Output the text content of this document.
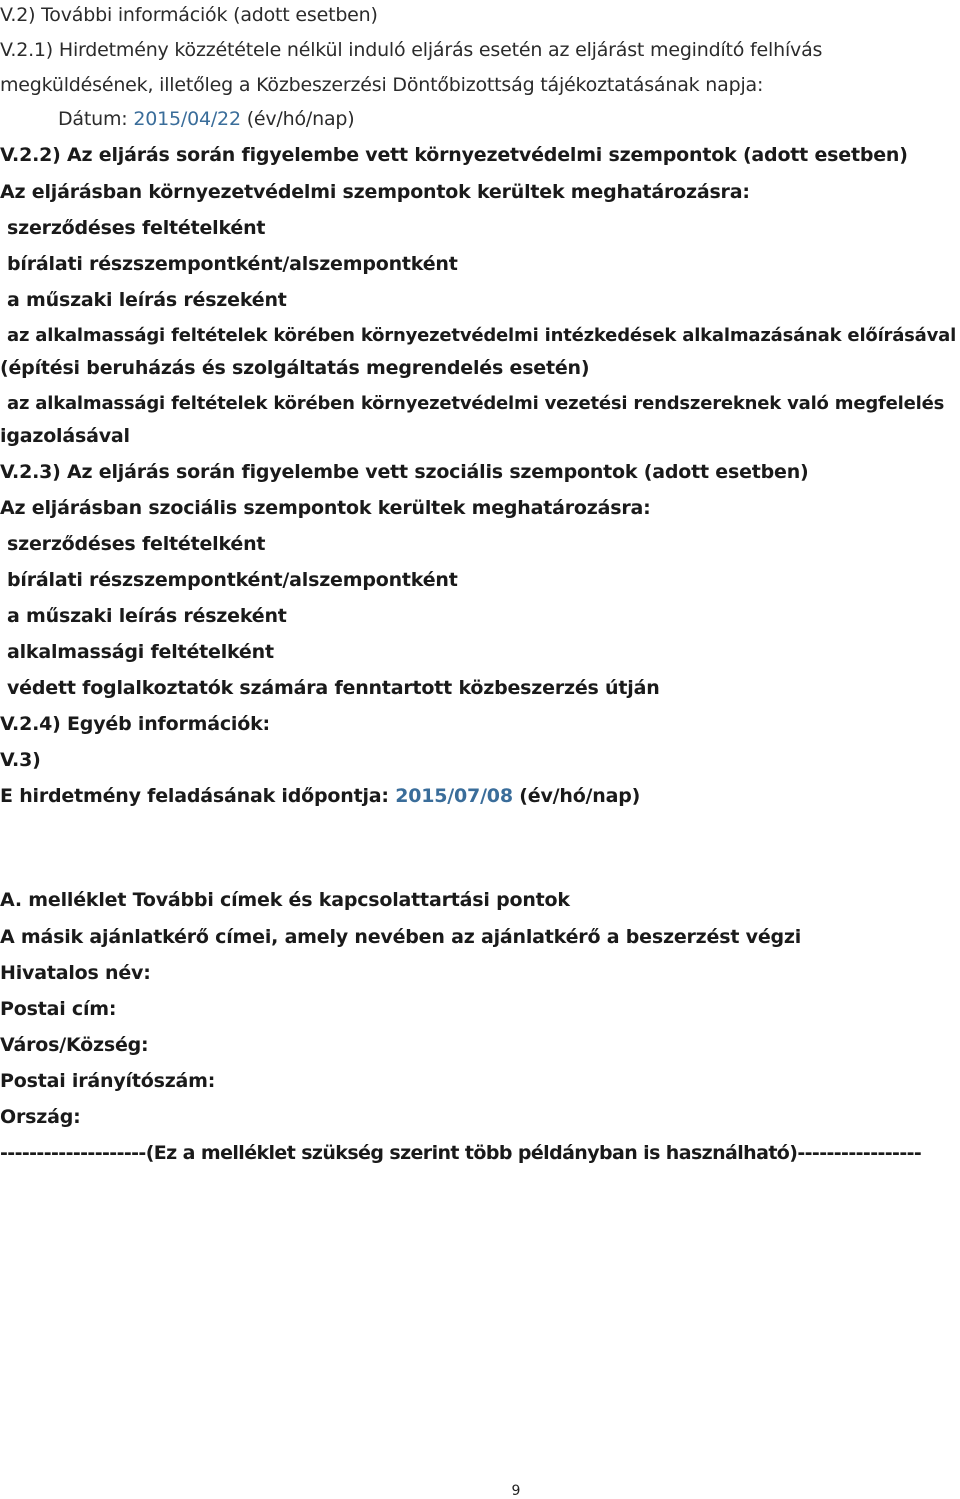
V.2) További információk (adott esetben)
V.2.1) Hirdetmény közzététele nélkül induló eljárás esetén az eljárást megindító felhívás
megküldésének, illetőleg a Közbeszerzési Döntőbizottság tájékoztatásának napja:
Dátum: 2015/04/22 (év/hó/nap)
V.2.2) Az eljárás során figyelembe vett környezetvédelmi szempontok (adott esetben)
Az eljárásban környezetvédelmi szempontok kerültek meghatározásra:
szerződéses feltételként
bírálati részszempontként/alszempontként
a műszaki leírás részeként
az alkalmassági feltételek körében környezetvédelmi intézkedések alkalmazásának előírásával
(építési beruházás és szolgáltatás megrendelés esetén)
az alkalmassági feltételek körében környezetvédelmi vezetési rendszereknek való megfelelés
igazolásával
V.2.3) Az eljárás során figyelembe vett szociális szempontok (adott esetben)
Az eljárásban szociális szempontok kerültek meghatározásra:
szerződéses feltételként
bírálati részszempontként/alszempontként
a műszaki leírás részeként
alkalmassági feltételként
védett foglalkoztatók számára fenntartott közbeszerzés útján
V.2.4) Egyéb információk:
V.3)
E hirdetmény feladásának időpontja: 2015/07/08 (év/hó/nap)
A. melléklet További címek és kapcsolattartási pontok
A másik ajánlatkérő címei, amely nevében az ajánlatkérő a beszerzést végzi
Hivatalos név:
Postai cím:
Város/Község:
Postai irányítószám:
Ország:
--------------------(Ez a melléklet szükség szerint több példányban is használható)-----------------
9
